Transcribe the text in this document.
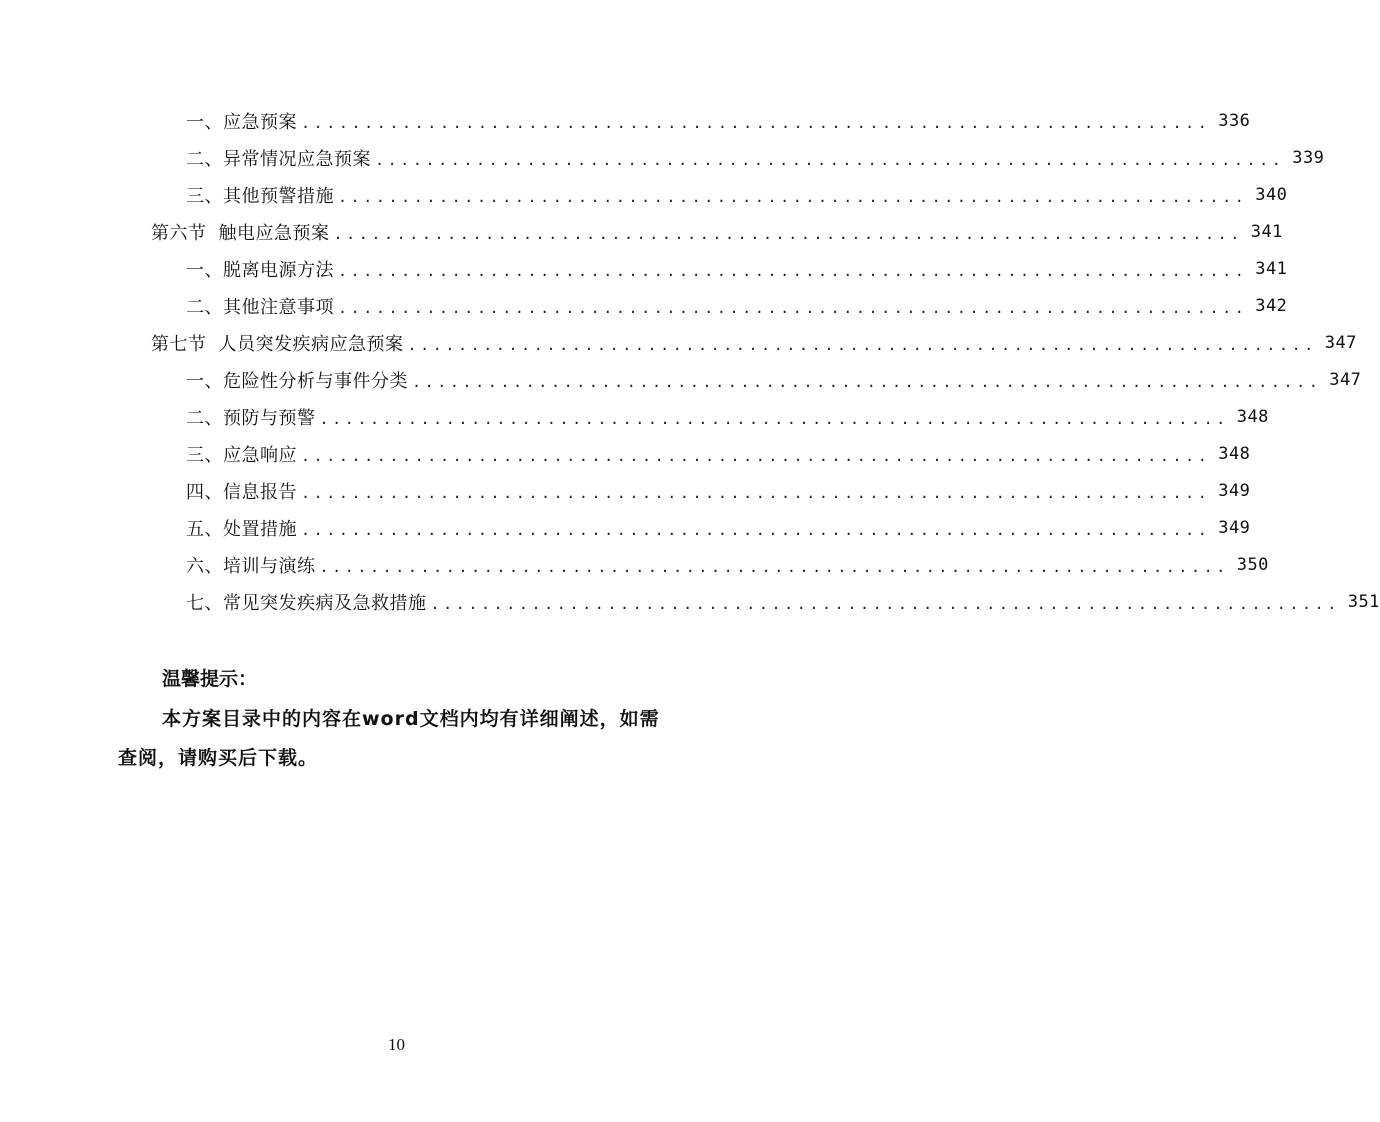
一、应急预案 ........................................................................ 336
二、异常情况应急预案 ........................................................................ 339
三、其他预警措施 ........................................................................ 340
第六节 触电应急预案 ........................................................................ 341
一、脱离电源方法 ........................................................................ 341
二、其他注意事项 ........................................................................ 342
第七节 人员突发疾病应急预案 ........................................................................ 347
一、危险性分析与事件分类 ........................................................................ 347
二、预防与预警 ........................................................................ 348
三、应急响应 ........................................................................ 348
四、信息报告 ........................................................................ 349
五、处置措施 ........................................................................ 349
六、培训与演练 ........................................................................ 350
七、常见突发疾病及急救措施 ........................................................................ 351
温馨提示：
本方案目录中的内容在word文档内均有详细阐述，如需查阅，请购买后下载。
10
